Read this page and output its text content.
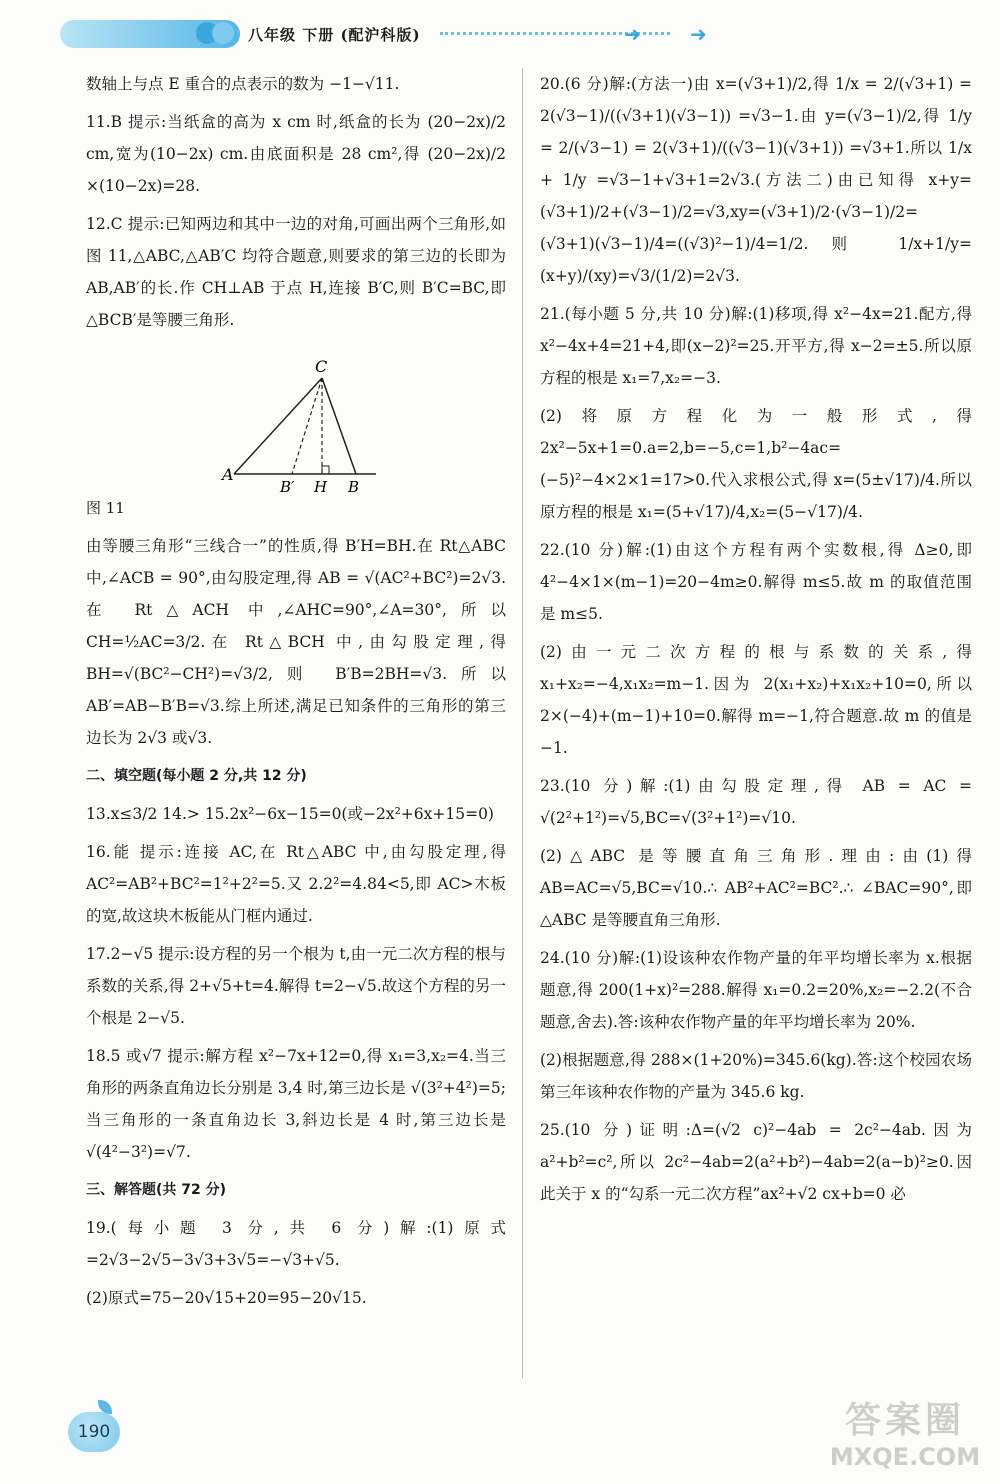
八年级 下册 (配沪科版)	➜ ➜

数轴上与点 E 重合的点表示的数为 −1−√11.

11.B 提示:当纸盒的高为 x cm 时,纸盒的长为 (20−2x)/2 cm,宽为(10−2x) cm.由底面积是 28 cm²,得 (20−2x)/2 ×(10−2x)=28.

12.C 提示:已知两边和其中一边的对角,可画出两个三角形,如图 11,△ABC,△AB′C 均符合题意,则要求的第三边的长即为 AB,AB′的长.作 CH⊥AB 于点 H,连接 B′C,则 B′C=BC,即△BCB′是等腰三角形.

C
A
B′ H B

图 11

由等腰三角形“三线合一”的性质,得 B′H=BH.在 Rt△ABC 中,∠ACB = 90°,由勾股定理,得 AB = √(AC²+BC²)=2√3.在 Rt△ACH 中,∠AHC=90°,∠A=30°,所以 CH=½AC=3/2.在 Rt△BCH 中,由勾股定理,得 BH=√(BC²−CH²)=√3/2,则 B′B=2BH=√3.所以 AB′=AB−B′B=√3.综上所述,满足已知条件的三角形的第三边长为 2√3 或√3.

二、填空题(每小题 2 分,共 12 分)

13.x≤3/2 14.> 15.2x²−6x−15=0(或−2x²+6x+15=0)

16.能 提示:连接 AC,在 Rt△ABC 中,由勾股定理,得 AC²=AB²+BC²=1²+2²=5.又 2.2²=4.84<5,即 AC>木板的宽,故这块木板能从门框内通过.

17.2−√5 提示:设方程的另一个根为 t,由一元二次方程的根与系数的关系,得 2+√5+t=4.解得 t=2−√5.故这个方程的另一个根是 2−√5.

18.5 或√7 提示:解方程 x²−7x+12=0,得 x₁=3,x₂=4.当三角形的两条直角边长分别是 3,4 时,第三边长是 √(3²+4²)=5;当三角形的一条直角边长 3,斜边长是 4 时,第三边长是 √(4²−3²)=√7.

三、解答题(共 72 分)

19.(每小题 3 分,共 6 分)解:(1)原式=2√3−2√5−3√3+3√5=−√3+√5.

(2)原式=75−20√15+20=95−20√15.

20.(6 分)解:(方法一)由 x=(√3+1)/2,得 1/x = 2/(√3+1) = 2(√3−1)/((√3+1)(√3−1)) =√3−1.由 y=(√3−1)/2,得 1/y = 2/(√3−1) = 2(√3+1)/((√3−1)(√3+1)) =√3+1.所以 1/x + 1/y =√3−1+√3+1=2√3.(方法二)由已知得 x+y=(√3+1)/2+(√3−1)/2=√3,xy=(√3+1)/2·(√3−1)/2=(√3+1)(√3−1)/4=((√3)²−1)/4=1/2.则 1/x+1/y=(x+y)/(xy)=√3/(1/2)=2√3.

21.(每小题 5 分,共 10 分)解:(1)移项,得 x²−4x=21.配方,得 x²−4x+4=21+4,即(x−2)²=25.开平方,得 x−2=±5.所以原方程的根是 x₁=7,x₂=−3.

(2)将原方程化为一般形式,得 2x²−5x+1=0.a=2,b=−5,c=1,b²−4ac=(−5)²−4×2×1=17>0.代入求根公式,得 x=(5±√17)/4.所以原方程的根是 x₁=(5+√17)/4,x₂=(5−√17)/4.

22.(10 分)解:(1)由这个方程有两个实数根,得 Δ≥0,即 4²−4×1×(m−1)=20−4m≥0.解得 m≤5.故 m 的取值范围是 m≤5.

(2)由一元二次方程的根与系数的关系,得 x₁+x₂=−4,x₁x₂=m−1.因为 2(x₁+x₂)+x₁x₂+10=0,所以 2×(−4)+(m−1)+10=0.解得 m=−1,符合题意.故 m 的值是−1.

23.(10 分)解:(1)由勾股定理,得 AB = AC = √(2²+1²)=√5,BC=√(3²+1²)=√10.

(2)△ABC 是等腰直角三角形.理由:由(1)得 AB=AC=√5,BC=√10.∴ AB²+AC²=BC².∴ ∠BAC=90°,即△ABC 是等腰直角三角形.

24.(10 分)解:(1)设该种农作物产量的年平均增长率为 x.根据题意,得 200(1+x)²=288.解得 x₁=0.2=20%,x₂=−2.2(不合题意,舍去).答:该种农作物产量的年平均增长率为 20%.

(2)根据题意,得 288×(1+20%)=345.6(kg).答:这个校园农场第三年该种农作物的产量为 345.6 kg.

25.(10 分)证明:Δ=(√2 c)²−4ab = 2c²−4ab.因为 a²+b²=c²,所以 2c²−4ab=2(a²+b²)−4ab=2(a−b)²≥0.因此关于 x 的“勾系一元二次方程”ax²+√2 cx+b=0 必

190	答案圈
MXQE.COM
